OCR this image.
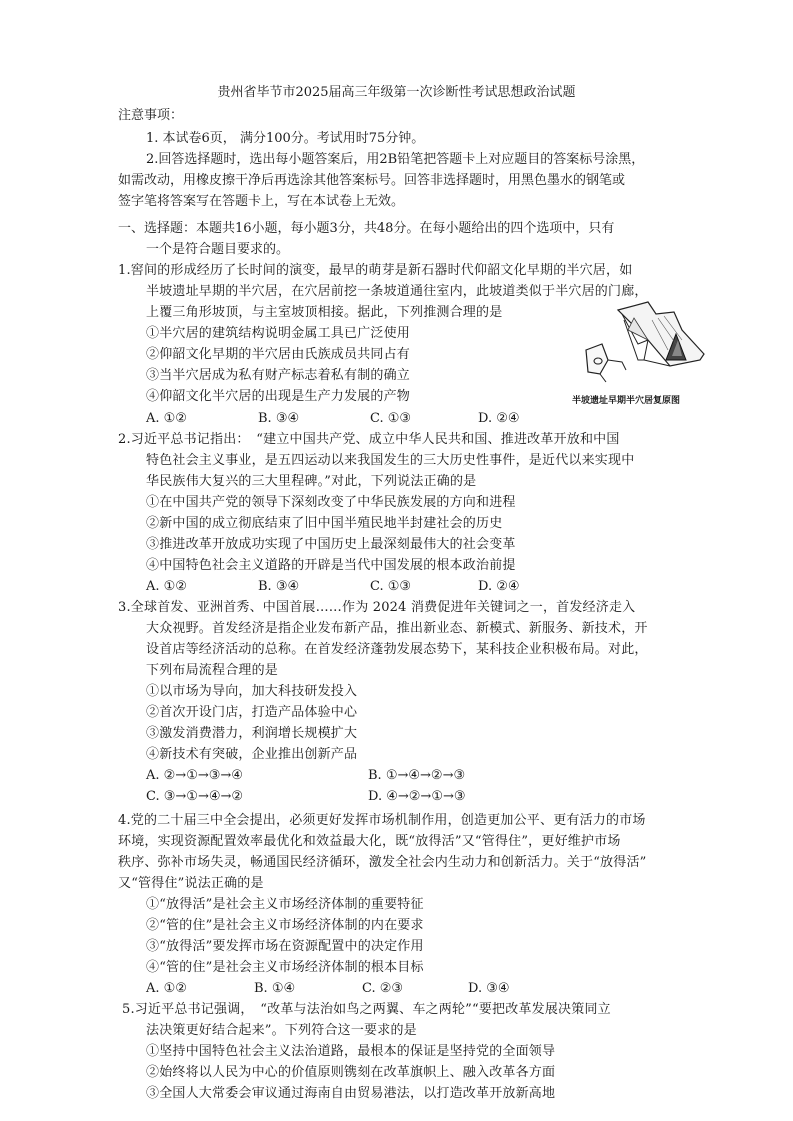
贵州省毕节市2025届高三年级第一次诊断性考试思想政治试题
注意事项：
1. 本试卷6页， 满分100分。考试用时75分钟。
2.回答选择题时，选出每小题答案后，用2B铅笔把答题卡上对应题目的答案标号涂黑，
如需改动，用橡皮擦干净后再选涂其他答案标号。回答非选择题时，用黑色墨水的钢笔或
签字笔将答案写在答题卡上，写在本试卷上无效。
一、选择题：本题共16小题，每小题3分，共48分。在每小题给出的四个选项中，只有
一个是符合题目要求的。
1.窖间的形成经历了长时间的演变，最早的萌芽是新石器时代仰韶文化早期的半穴居，如
半坡遗址早期的半穴居，在穴居前挖一条坡道通往室内，此坡道类似于半穴居的门廊，
上覆三角形坡顶，与主室坡顶相接。据此，下列推测合理的是
①半穴居的建筑结构说明金属工具已广泛使用
②仰韶文化早期的半穴居由氏族成员共同占有
③当半穴居成为私有财产标志着私有制的确立
④仰韶文化半穴居的出现是生产力发展的产物
A. ①②	B. ③④	C. ①③	D. ②④
半坡遗址早期半穴居复原图
2.习近平总书记指出：　“建立中国共产党、成立中华人民共和国、推进改革开放和中国
特色社会主义事业，是五四运动以来我国发生的三大历史性事件，是近代以来实现中
华民族伟大复兴的三大里程碑。”对此，下列说法正确的是
①在中国共产党的领导下深刻改变了中华民族发展的方向和进程
②新中国的成立彻底结束了旧中国半殖民地半封建社会的历史
③推进改革开放成功实现了中国历史上最深刻最伟大的社会变革
④中国特色社会主义道路的开辟是当代中国发展的根本政治前提
A. ①②	B. ③④	C. ①③	D. ②④
3.全球首发、亚洲首秀、中国首展……作为 2024 消费促进年关键词之一，首发经济走入
大众视野。首发经济是指企业发布新产品，推出新业态、新模式、新服务、新技术，开
设首店等经济活动的总称。在首发经济蓬勃发展态势下，某科技企业积极布局。对此，
下列布局流程合理的是
①以市场为导向，加大科技研发投入
②首次开设门店，打造产品体验中心
③激发消费潜力，利润增长规模扩大
④新技术有突破，企业推出创新产品
A. ②→①→③→④	B. ①→④→②→③
C. ③→①→④→②	D. ④→②→①→③
4.党的二十届三中全会提出，必须更好发挥市场机制作用，创造更加公平、更有活力的市场
环境，实现资源配置效率最优化和效益最大化，既“放得活”又“管得住”，更好维护市场
秩序、弥补市场失灵，畅通国民经济循环，激发全社会内生动力和创新活力。关于“放得活”
又“管得住”说法正确的是
①“放得活”是社会主义市场经济体制的重要特征
②“管的住”是社会主义市场经济体制的内在要求
③“放得活”要发挥市场在资源配置中的决定作用
④“管的住”是社会主义市场经济体制的根本目标
A. ①②	B. ①④	C. ②③	D. ③④
5.习近平总书记强调，　“改革与法治如鸟之两翼、车之两轮”“要把改革发展决策同立
法决策更好结合起来”。下列符合这一要求的是
①坚持中国特色社会主义法治道路，最根本的保证是坚持党的全面领导
②始终将以人民为中心的价值原则镌刻在改革旗帜上、融入改革各方面
③全国人大常委会审议通过海南自由贸易港法，以打造改革开放新高地
